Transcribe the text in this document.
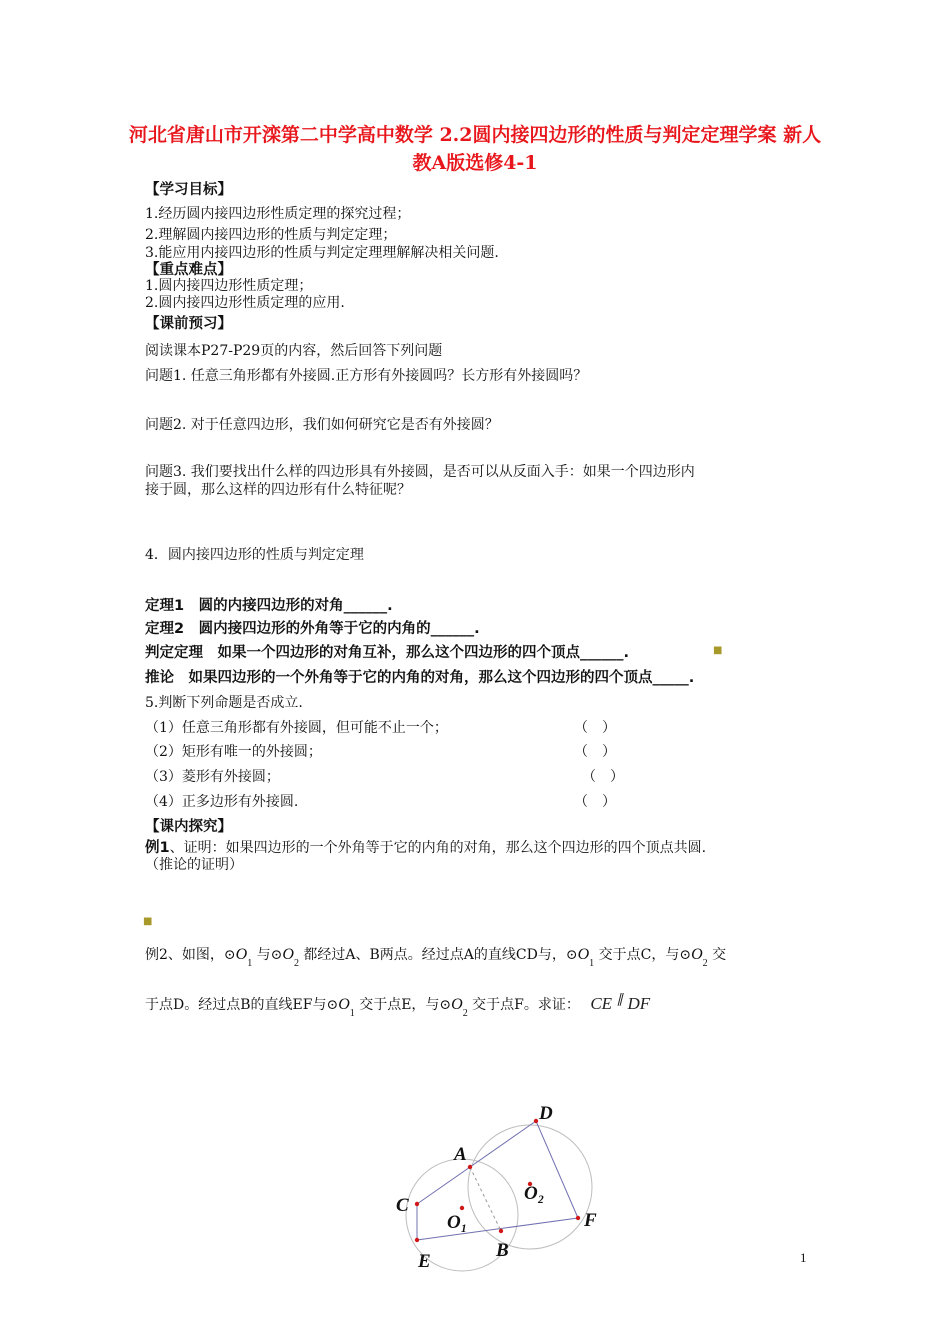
河北省唐山市开滦第二中学高中数学 2.2圆内接四边形的性质与判定定理学案 新人教A版选修4-1
【学习目标】
1.经历圆内接四边形性质定理的探究过程；
2.理解圆内接四边形的性质与判定定理；
3.能应用内接四边形的性质与判定定理理解解决相关问题.
【重点难点】
1.圆内接四边形性质定理；
2.圆内接四边形性质定理的应用.
【课前预习】
阅读课本P27-P29页的内容，然后回答下列问题
问题1. 任意三角形都有外接圆.正方形有外接圆吗？长方形有外接圆吗？
问题2. 对于任意四边形，我们如何研究它是否有外接圆？
问题3. 我们要找出什么样的四边形具有外接圆，是否可以从反面入手：如果一个四边形内
接于圆，那么这样的四边形有什么特征呢？
4．圆内接四边形的性质与判定定理
定理1　圆的内接四边形的对角______.
定理2　圆内接四边形的外角等于它的内角的______.
判定定理　如果一个四边形的对角互补，那么这个四边形的四个顶点______.	■
推论　如果四边形的一个外角等于它的内角的对角，那么这个四边形的四个顶点_____.
5.判断下列命题是否成立.
（1）任意三角形都有外接圆，但可能不止一个；	（　）
（2）矩形有唯一的外接圆；	（　）
（3）菱形有外接圆；	（　）
（4）正多边形有外接圆.	（　）
【课内探究】
例1、证明：如果四边形的一个外角等于它的内角的对角，那么这个四边形的四个顶点共圆.
（推论的证明）
■
例2、如图，$⊙O_1$ 与$⊙O_2$ 都经过A、B两点。经过点A的直线CD与，$⊙O_1$ 交于点C，与$⊙O_2$ 交
于点D。经过点B的直线EF与$⊙O_1$ 交于点E，与$⊙O_2$ 交于点F。求证： CE ∥ DF
D
A
C
E
B
F
O₁
O₂
1
